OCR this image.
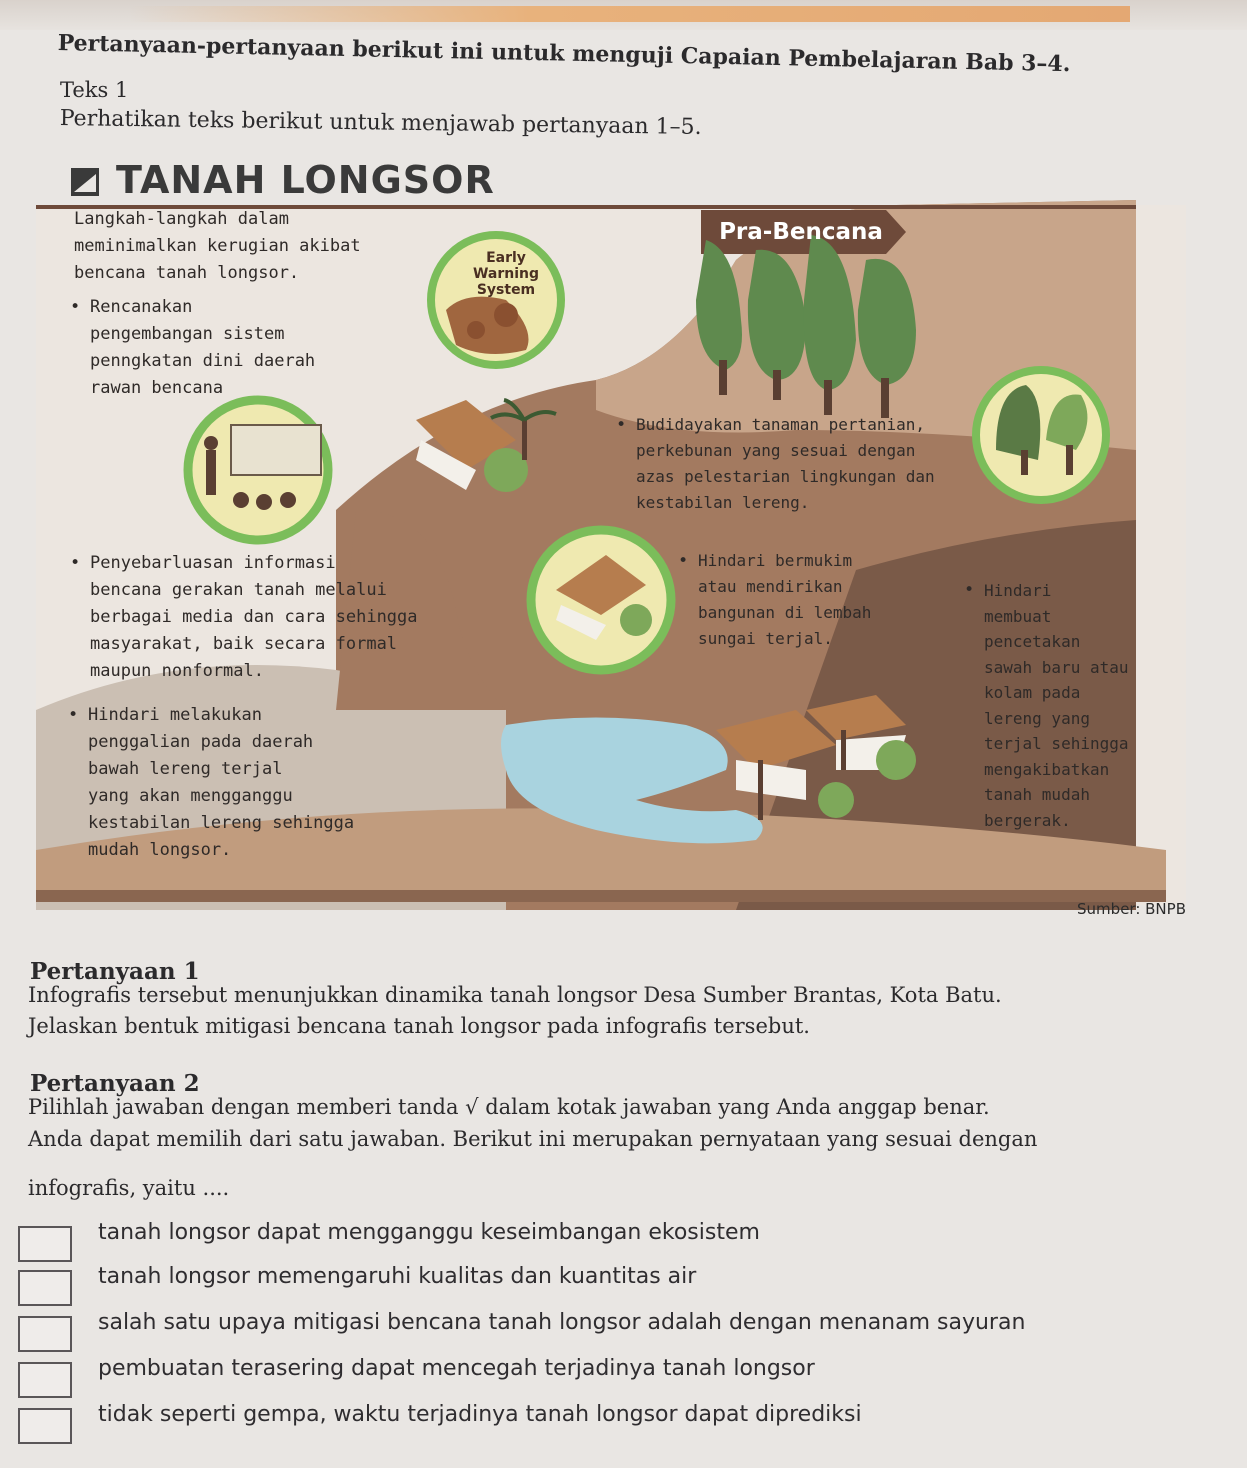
Pertanyaan-pertanyaan berikut ini untuk menguji Capaian Pembelajaran Bab 3–4.

Teks 1

Perhatikan teks berikut untuk menjawab pertanyaan 1–5.

TANAH LONGSOR
Pra-Bencana
Early
Warning
System
Langkah-langkah dalam
meminimalkan kerugian akibat
bencana tanah longsor.
• Rencanakan
pengembangan sistem
penngkatan dini daerah
rawan bencana
• Budidayakan tanaman pertanian,
perkebunan yang sesuai dengan
azas pelestarian lingkungan dan
kestabilan lereng.
• Penyebarluasan informasi
bencana gerakan tanah melalui
berbagai media dan cara sehingga
masyarakat, baik secara formal
maupun nonformal.
• Hindari bermukim
atau mendirikan
bangunan di lembah
sungai terjal.
• Hindari
membuat
pencetakan
sawah baru atau
kolam pada
lereng yang
terjal sehingga
mengakibatkan
tanah mudah
bergerak.
• Hindari melakukan
penggalian pada daerah
bawah lereng terjal
yang akan mengganggu
kestabilan lereng sehingga
mudah longsor.
Sumber: BNPB

Pertanyaan 1

Infografis tersebut menunjukkan dinamika tanah longsor Desa Sumber Brantas, Kota Batu.

Jelaskan bentuk mitigasi bencana tanah longsor pada infografis tersebut.

Pertanyaan 2

Pilihlah jawaban dengan memberi tanda √ dalam kotak jawaban yang Anda anggap benar.

Anda dapat memilih dari satu jawaban. Berikut ini merupakan pernyataan yang sesuai dengan

infografis, yaitu ....

tanah longsor dapat mengganggu keseimbangan ekosistem
tanah longsor memengaruhi kualitas dan kuantitas air
salah satu upaya mitigasi bencana tanah longsor adalah dengan menanam sayuran
pembuatan terasering dapat mencegah terjadinya tanah longsor
tidak seperti gempa, waktu terjadinya tanah longsor dapat diprediksi
